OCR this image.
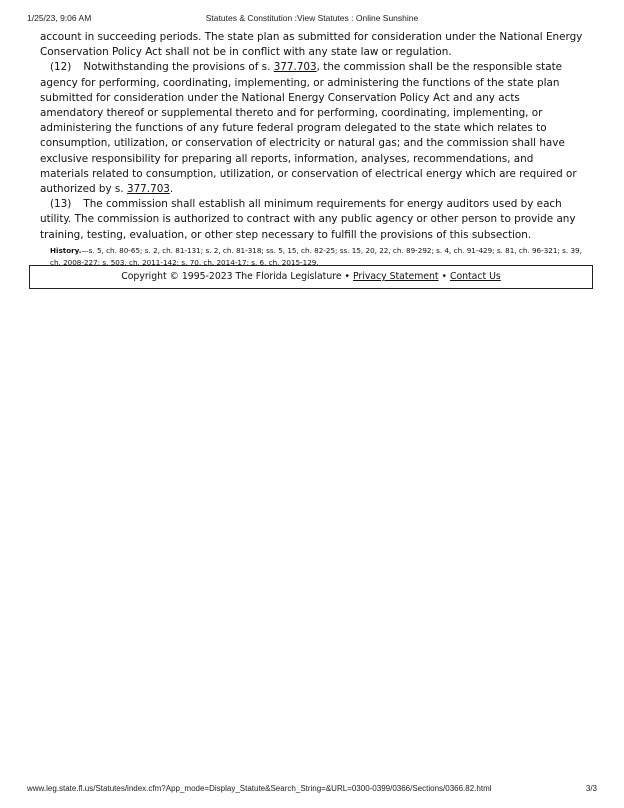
1/25/23, 9:06 AM	Statutes & Constitution :View Statutes : Online Sunshine

account in succeeding periods. The state plan as submitted for consideration under the National Energy Conservation Policy Act shall not be in conflict with any state law or regulation.

(12) Notwithstanding the provisions of s. 377.703, the commission shall be the responsible state agency for performing, coordinating, implementing, or administering the functions of the state plan submitted for consideration under the National Energy Conservation Policy Act and any acts amendatory thereof or supplemental thereto and for performing, coordinating, implementing, or administering the functions of any future federal program delegated to the state which relates to consumption, utilization, or conservation of electricity or natural gas; and the commission shall have exclusive responsibility for preparing all reports, information, analyses, recommendations, and materials related to consumption, utilization, or conservation of electrical energy which are required or authorized by s. 377.703.

(13) The commission shall establish all minimum requirements for energy auditors used by each utility. The commission is authorized to contract with any public agency or other person to provide any training, testing, evaluation, or other step necessary to fulfill the provisions of this subsection.

History.—s. 5, ch. 80-65; s. 2, ch. 81-131; s. 2, ch. 81-318; ss. 5, 15, ch. 82-25; ss. 15, 20, 22, ch. 89-292; s. 4, ch. 91-429; s. 81, ch. 96-321; s. 39, ch. 2008-227; s. 503, ch. 2011-142; s. 70, ch. 2014-17; s. 6, ch. 2015-129.

Copyright © 1995-2023 The Florida Legislature • Privacy Statement • Contact Us
www.leg.state.fl.us/Statutes/index.cfm?App_mode=Display_Statute&Search_String=&URL=0300-0399/0366/Sections/0366.82.html	3/3
